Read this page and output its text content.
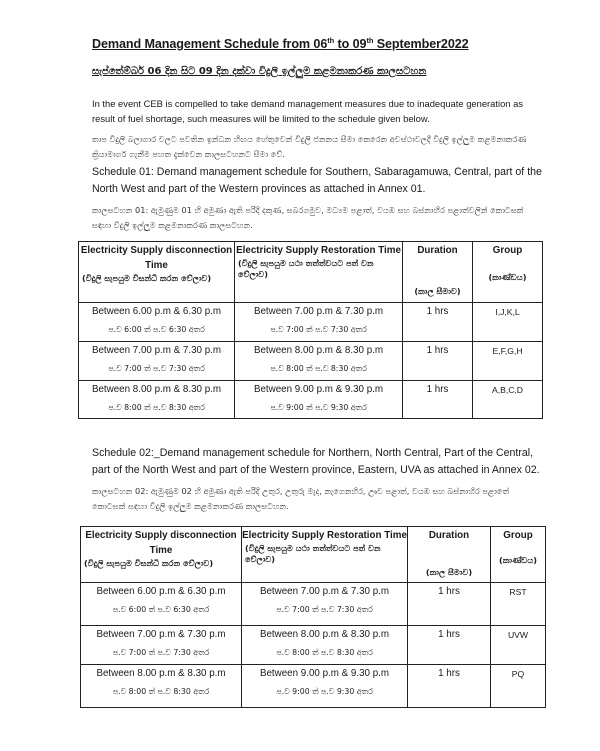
Demand Management Schedule from 06th to 09th September2022
සැප්තේම්බර් 06 දින සිට 09 දින දක්වා විදුලි ඉල්ලුම කළමනාකරණ කාලසටහන
In the event CEB is compelled to take demand management measures due to inadequate generation as result of fuel shortage, such measures will be limited to the schedule given below.
තාප විදුලි බලාගාර වලට පවතින ඉන්ධන හිඟය හේතුවෙන් විදුලි ජනනය සීමා කෙරෙන අවස්ථාවලදී විදුලි ඉල්ලුම කළමනාකරණ ක්‍රියාමාර්ග ගැනීම පහත දැක්වෙන කාලසටහනට සීමා වේ.
Schedule 01: Demand management schedule for Southern, Sabaragamuwa, Central, part of the North West and part of the Western provinces as attached in Annex 01.
කාලසටහන 01: ඇමුණුම 01 හි අමුණා ඇති පරිදි දකුණ, සබරගමුව, මධ්‍යම පළාත්, වයඹ සහ බස්නාහිර පළාත්වලින් කොටසක් සඳහා විදුලි ඉල්ලුම කළමනාකරණ කාලසටහන.
Electricity Supply disconnection Time
(විදුලි සැපයුම විසන්ධි කරන වේලාව)	Electricity Supply Restoration Time
(විදුලි සැපයුම යථා තත්ත්වයට පත් වන වේලාව)	Duration
(කාල සීමාව)	Group
(කාණ්ඩය)

Between 6.00 p.m & 6.30 p.m
ප.ව 6:00 ත් ප.ව 6:30 අතර	Between 7.00 p.m & 7.30 p.m
ප.ව 7:00 ත් ප.ව 7:30 අතර	1 hrs	I,J,K,L

Between 7.00 p.m & 7.30 p.m
ප.ව 7:00 ත් ප.ව 7:30 අතර	Between 8.00 p.m & 8.30 p.m
ප.ව 8:00 ත් ප.ව 8:30 අතර	1 hrs	E,F,G,H

Between 8.00 p.m & 8.30 p.m
ප.ව 8:00 ත් ප.ව 8:30 අතර	Between 9.00 p.m & 9.30 p.m
ප.ව 9:00 ත් ප.ව 9:30 අතර	1 hrs	A,B,C,D
Schedule 02:_Demand management schedule for Northern, North Central, Part of the Central, part of the North West and part of the Western province, Eastern, UVA as attached in Annex 02.
කාලසටහන 02: ඇමුණුම 02 හි අමුණා ඇති පරිදි උතුර, උතුරු මැද, නැගෙනහිර, ඌව පළාත්, වයඹ සහ බස්නාහිර පළාතේ කොටසක් සඳහා විදුලි ඉල්ලුම කළමනාකරණ කාලසටහන.
Electricity Supply disconnection Time
(විදුලි සැපයුම විසන්ධි කරන වේලාව)	Electricity Supply Restoration Time
(විදුලි සැපයුම යථා තත්ත්වයට පත් වන වේලාව)	Duration
(කාල සීමාව)	Group
(කාණ්ඩය)

Between 6.00 p.m & 6.30 p.m
ප.ව 6:00 ත් ප.ව 6:30 අතර	Between 7.00 p.m & 7.30 p.m
ප.ව 7:00 ත් ප.ව 7:30 අතර	1 hrs	RST

Between 7.00 p.m & 7.30 p.m
ප.ව 7:00 ත් ප.ව 7:30 අතර	Between 8.00 p.m & 8.30 p.m
ප.ව 8:00 ත් ප.ව 8:30 අතර	1 hrs	UVW

Between 8.00 p.m & 8.30 p.m
ප.ව 8:00 ත් ප.ව 8:30 අතර	Between 9.00 p.m & 9.30 p.m
ප.ව 9:00 ත් ප.ව 9:30 අතර	1 hrs	PQ
